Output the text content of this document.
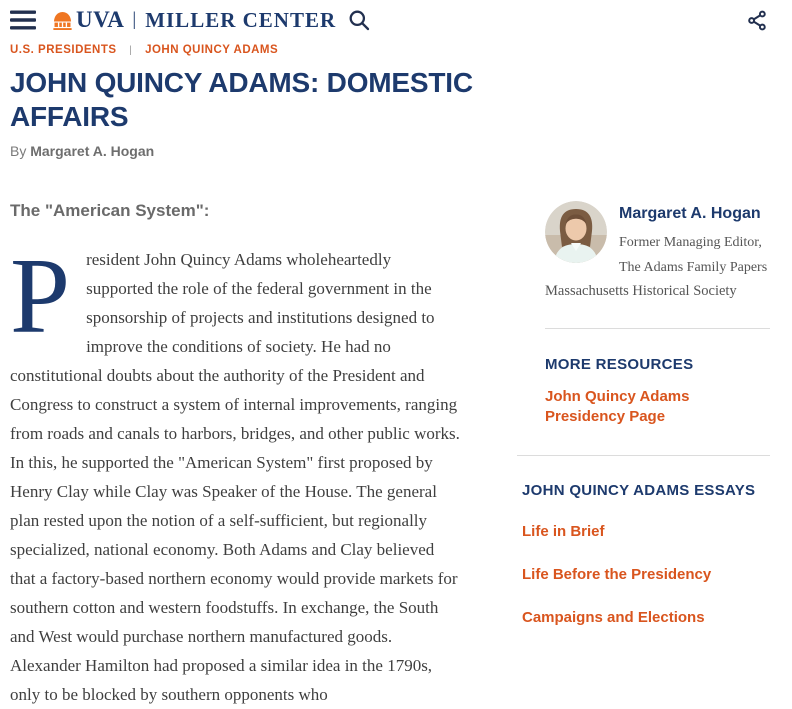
UVA | MILLER CENTER
U.S. PRESIDENTS | JOHN QUINCY ADAMS
JOHN QUINCY ADAMS: DOMESTIC AFFAIRS
By Margaret A. Hogan
The "American System":

President John Quincy Adams wholeheartedly supported the role of the federal government in the sponsorship of projects and institutions designed to improve the conditions of society. He had no constitutional doubts about the authority of the President and Congress to construct a system of internal improvements, ranging from roads and canals to harbors, bridges, and other public works. In this, he supported the "American System" first proposed by Henry Clay while Clay was Speaker of the House. The general plan rested upon the notion of a self-sufficient, but regionally specialized, national economy. Both Adams and Clay believed that a factory-based northern economy would provide markets for southern cotton and western foodstuffs. In exchange, the South and West would purchase northern manufactured goods. Alexander Hamilton had proposed a similar idea in the 1790s, only to be blocked by southern opponents who

Margaret A. Hogan
Former Managing Editor, The Adams Family Papers
Massachusetts Historical Society
MORE RESOURCES
John Quincy Adams Presidency Page
JOHN QUINCY ADAMS ESSAYS
Life in Brief
Life Before the Presidency
Campaigns and Elections
